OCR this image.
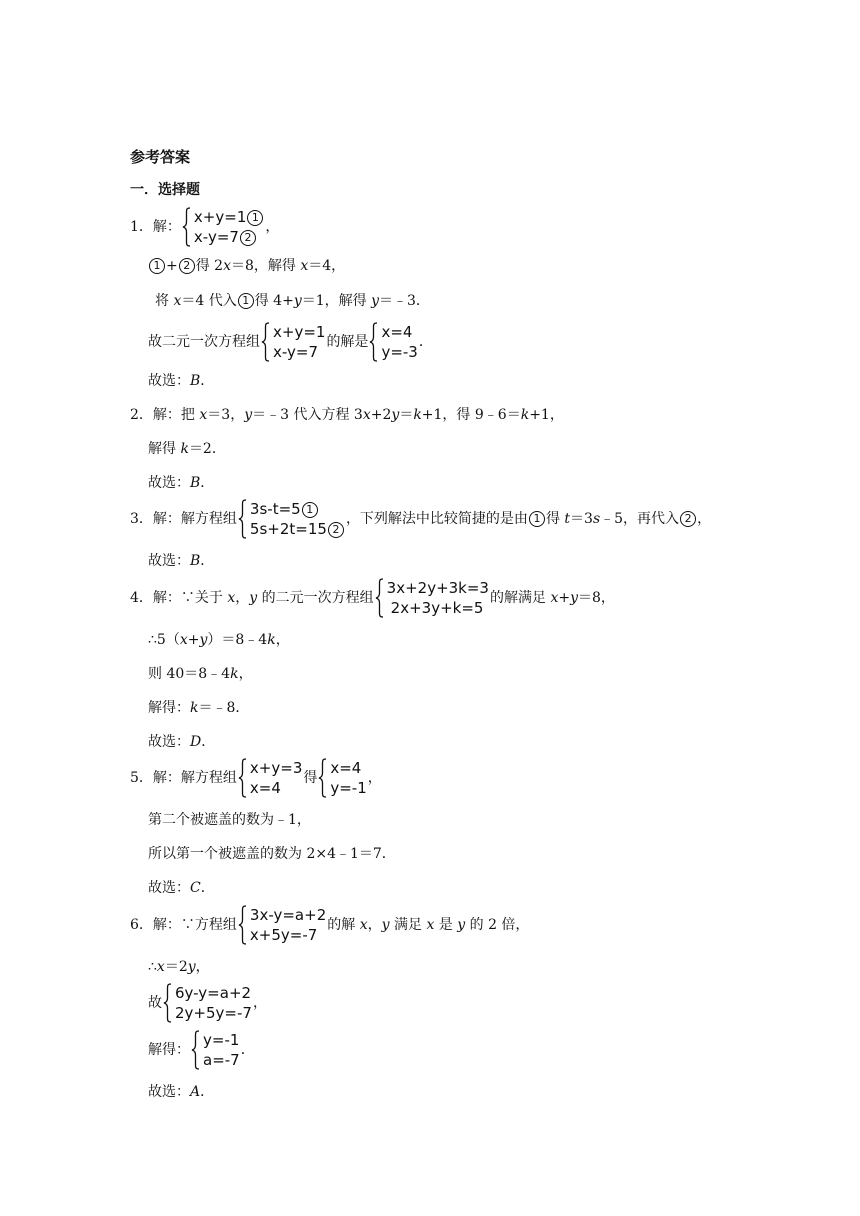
参考答案
一．选择题
1．解：
x+y=1 1
x-y=7 2
，
1 + 2 得 2x＝8，解得 x＝4，
将 x＝4 代入 1 得 4+y＝1，解得 y＝﹣3．
故二元一次方程组
x+y=1
x-y=7
的解是
x=4
y=-3
．
故选：B．
2．解：把 x＝3，y＝﹣3 代入方程 3x+2y＝k+1，得 9﹣6＝k+1，
解得 k＝2．
故选：B．
3．解：解方程组
3s-t=5 1
5s+2t=15 2
，下列解法中比较简捷的是由 1 得 t＝3s﹣5，再代入 2 ，
故选：B．
4．解：∵关于 x，y 的二元一次方程组
3x+2y+3k=3
2x+3y+k=5
的解满足 x+y＝8，
∴5（x+y）＝8﹣4k，
则 40＝8﹣4k，
解得：k＝﹣8．
故选：D．
5．解：解方程组
x+y=3
x=4
得
x=4
y=-1
，
第二个被遮盖的数为﹣1，
所以第一个被遮盖的数为 2×4﹣1＝7．
故选：C．
6．解：∵方程组
3x-y=a+2
x+5y=-7
的解 x，y 满足 x 是 y 的 2 倍，
∴x＝2y，
故
6y-y=a+2
2y+5y=-7
，
解得：
y=-1
a=-7
．
故选：A．
